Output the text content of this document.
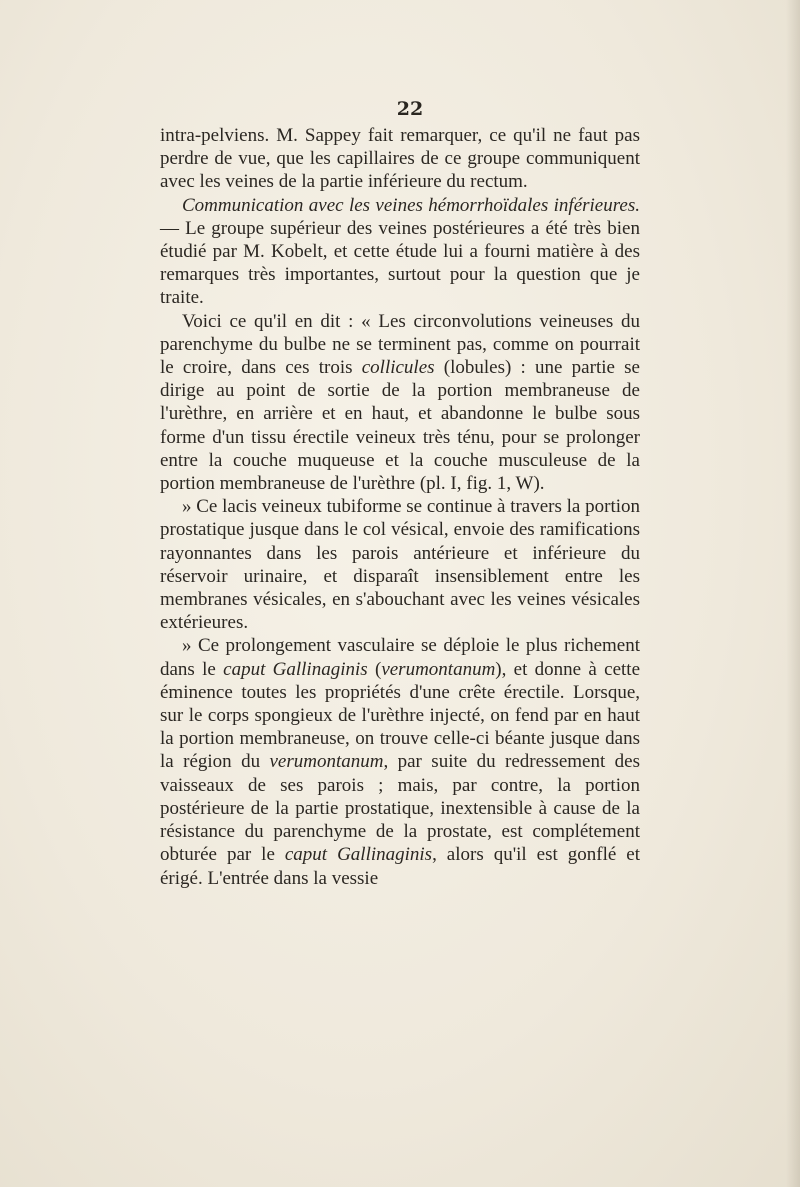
22

intra-pelviens. M. Sappey fait remarquer, ce qu'il ne faut pas perdre de vue, que les capillaires de ce groupe communiquent avec les veines de la partie inférieure du rectum.

Communication avec les veines hémorrhoïdales inférieures. — Le groupe supérieur des veines postérieures a été très bien étudié par M. Kobelt, et cette étude lui a fourni matière à des remarques très importantes, surtout pour la question que je traite.

Voici ce qu'il en dit : « Les circonvolutions veineuses du parenchyme du bulbe ne se terminent pas, comme on pourrait le croire, dans ces trois collicules (lobules) : une partie se dirige au point de sortie de la portion membraneuse de l'urèthre, en arrière et en haut, et abandonne le bulbe sous forme d'un tissu érectile veineux très ténu, pour se prolonger entre la couche muqueuse et la couche musculeuse de la portion membraneuse de l'urèthre (pl. I, fig. 1, W).

» Ce lacis veineux tubiforme se continue à travers la portion prostatique jusque dans le col vésical, envoie des ramifications rayonnantes dans les parois antérieure et inférieure du réservoir urinaire, et disparaît insensiblement entre les membranes vésicales, en s'abouchant avec les veines vésicales extérieures.

» Ce prolongement vasculaire se déploie le plus richement dans le caput Gallinaginis (verumontanum), et donne à cette éminence toutes les propriétés d'une crête érectile. Lorsque, sur le corps spongieux de l'urèthre injecté, on fend par en haut la portion membraneuse, on trouve celle-ci béante jusque dans la région du verumontanum, par suite du redressement des vaisseaux de ses parois ; mais, par contre, la portion postérieure de la partie prostatique, inextensible à cause de la résistance du parenchyme de la prostate, est complétement obturée par le caput Gallinaginis, alors qu'il est gonflé et érigé. L'entrée dans la vessie
